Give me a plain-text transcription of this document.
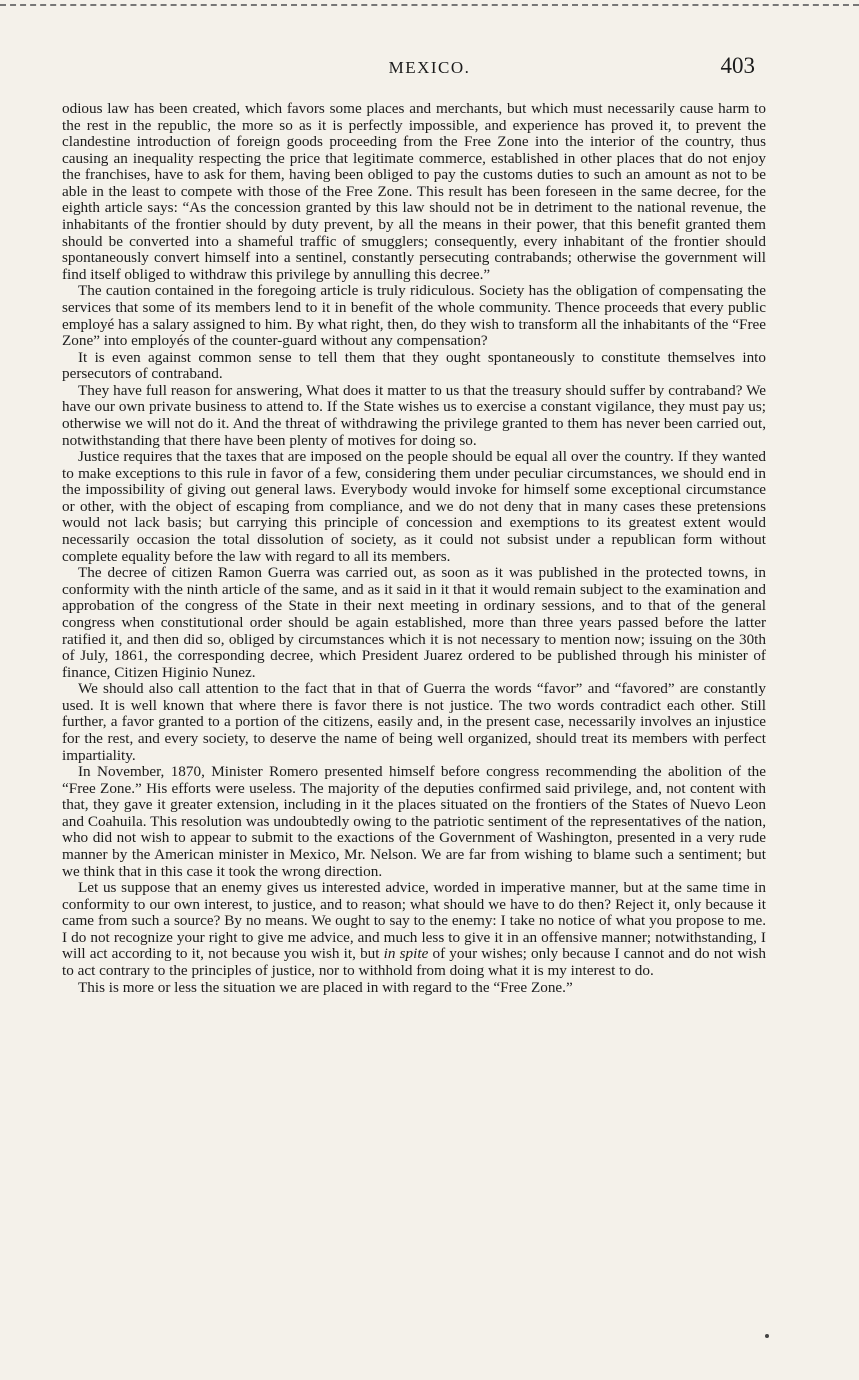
MEXICO.	403

odious law has been created, which favors some places and merchants, but which must necessarily cause harm to the rest in the republic, the more so as it is perfectly impossible, and experience has proved it, to prevent the clandestine introduction of foreign goods proceeding from the Free Zone into the interior of the country, thus causing an inequality respecting the price that legitimate commerce, established in other places that do not enjoy the franchises, have to ask for them, having been obliged to pay the customs duties to such an amount as not to be able in the least to compete with those of the Free Zone. This result has been foreseen in the same decree, for the eighth article says: “As the concession granted by this law should not be in detriment to the national revenue, the inhabitants of the frontier should by duty prevent, by all the means in their power, that this benefit granted them should be converted into a shameful traffic of smugglers; consequently, every inhabitant of the frontier should spontaneously convert himself into a sentinel, constantly persecuting contrabands; otherwise the government will find itself obliged to withdraw this privilege by annulling this decree.”

The caution contained in the foregoing article is truly ridiculous. Society has the obligation of compensating the services that some of its members lend to it in benefit of the whole community. Thence proceeds that every public employé has a salary assigned to him. By what right, then, do they wish to transform all the inhabitants of the “Free Zone” into employés of the counter-guard without any compensation?

It is even against common sense to tell them that they ought spontaneously to constitute themselves into persecutors of contraband.

They have full reason for answering, What does it matter to us that the treasury should suffer by contraband? We have our own private business to attend to. If the State wishes us to exercise a constant vigilance, they must pay us; otherwise we will not do it. And the threat of withdrawing the privilege granted to them has never been carried out, notwithstanding that there have been plenty of motives for doing so.

Justice requires that the taxes that are imposed on the people should be equal all over the country. If they wanted to make exceptions to this rule in favor of a few, considering them under peculiar circumstances, we should end in the impossibility of giving out general laws. Everybody would invoke for himself some exceptional circumstance or other, with the object of escaping from compliance, and we do not deny that in many cases these pretensions would not lack basis; but carrying this principle of concession and exemptions to its greatest extent would necessarily occasion the total dissolution of society, as it could not subsist under a republican form without complete equality before the law with regard to all its members.

The decree of citizen Ramon Guerra was carried out, as soon as it was published in the protected towns, in conformity with the ninth article of the same, and as it said in it that it would remain subject to the examination and approbation of the congress of the State in their next meeting in ordinary sessions, and to that of the general congress when constitutional order should be again established, more than three years passed before the latter ratified it, and then did so, obliged by circumstances which it is not necessary to mention now; issuing on the 30th of July, 1861, the corresponding decree, which President Juarez ordered to be published through his minister of finance, Citizen Higinio Nunez.

We should also call attention to the fact that in that of Guerra the words “favor” and “favored” are constantly used. It is well known that where there is favor there is not justice. The two words contradict each other. Still further, a favor granted to a portion of the citizens, easily and, in the present case, necessarily involves an injustice for the rest, and every society, to deserve the name of being well organized, should treat its members with perfect impartiality.

In November, 1870, Minister Romero presented himself before congress recommending the abolition of the “Free Zone.” His efforts were useless. The majority of the deputies confirmed said privilege, and, not content with that, they gave it greater extension, including in it the places situated on the frontiers of the States of Nuevo Leon and Coahuila. This resolution was undoubtedly owing to the patriotic sentiment of the representatives of the nation, who did not wish to appear to submit to the exactions of the Government of Washington, presented in a very rude manner by the American minister in Mexico, Mr. Nelson. We are far from wishing to blame such a sentiment; but we think that in this case it took the wrong direction.

Let us suppose that an enemy gives us interested advice, worded in imperative manner, but at the same time in conformity to our own interest, to justice, and to reason; what should we have to do then? Reject it, only because it came from such a source? By no means. We ought to say to the enemy: I take no notice of what you propose to me. I do not recognize your right to give me advice, and much less to give it in an offensive manner; notwithstanding, I will act according to it, not because you wish it, but in spite of your wishes; only because I cannot and do not wish to act contrary to the principles of justice, nor to withhold from doing what it is my interest to do.

This is more or less the situation we are placed in with regard to the “Free Zone.”
